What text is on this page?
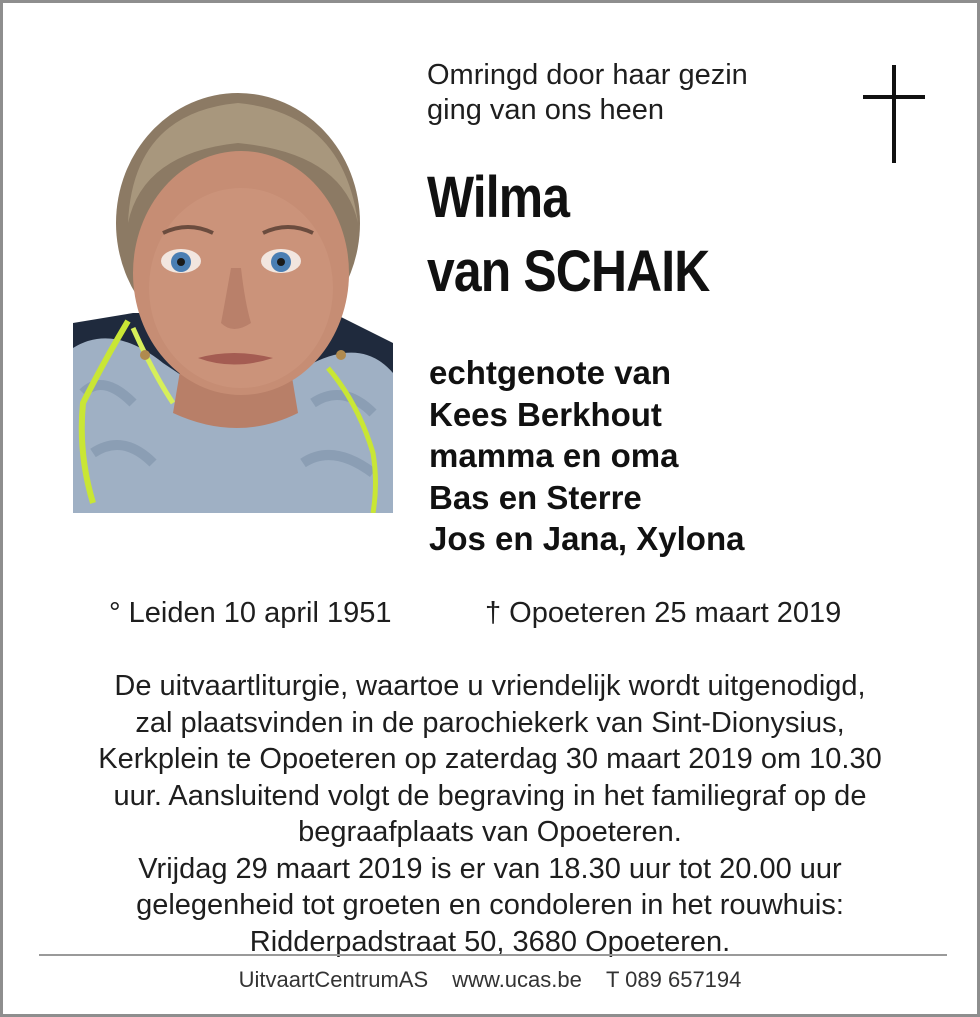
Omringd door haar gezin
ging van ons heen
Wilma
van SCHAIK
echtgenote van
Kees Berkhout
mamma en oma
Bas en Sterre
Jos en Jana, Xylona
° Leiden 10 april 1951	† Opoeteren 25 maart 2019
De uitvaartliturgie, waartoe u vriendelijk wordt uitgenodigd,
zal plaatsvinden in de parochiekerk van Sint-Dionysius,
Kerkplein te Opoeteren op zaterdag 30 maart 2019 om 10.30
uur. Aansluitend volgt de begraving in het familiegraf op de
begraafplaats van Opoeteren.
Vrijdag 29 maart 2019 is er van 18.30 uur tot 20.00 uur
gelegenheid tot groeten en condoleren in het rouwhuis:
Ridderpadstraat 50, 3680 Opoeteren.
UitvaartCentrumAS www.ucas.be T 089 657194
